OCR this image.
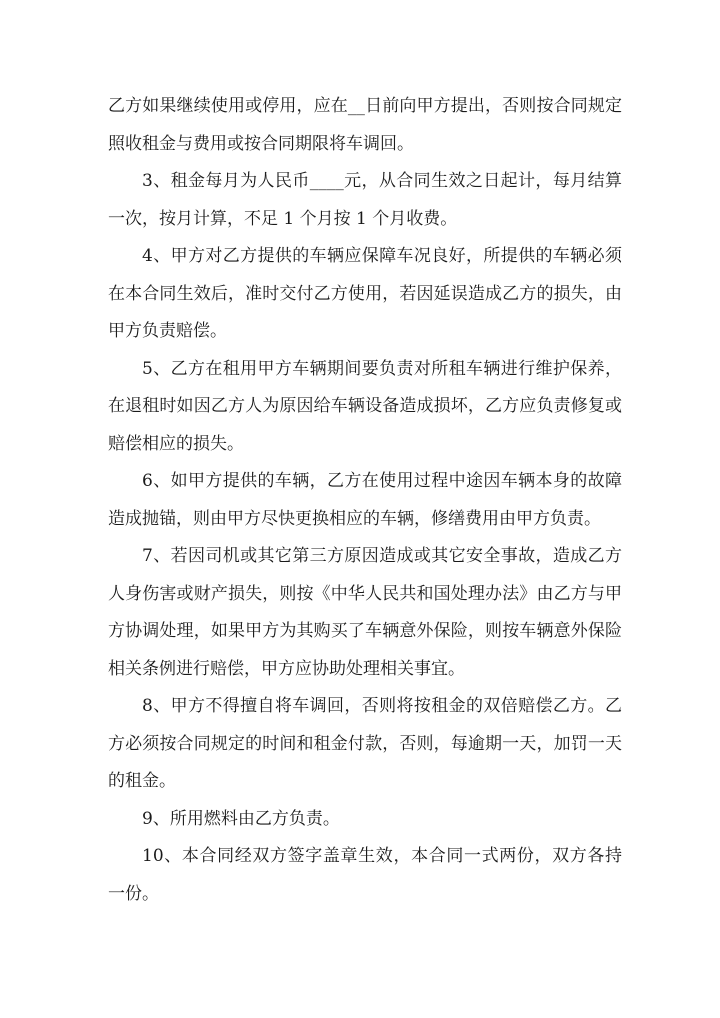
乙方如果继续使用或停用，应在__日前向甲方提出，否则按合同规定照收租金与费用或按合同期限将车调回。

3、租金每月为人民币____元，从合同生效之日起计，每月结算一次，按月计算，不足 1 个月按 1 个月收费。

4、甲方对乙方提供的车辆应保障车况良好，所提供的车辆必须在本合同生效后，准时交付乙方使用，若因延误造成乙方的损失，由甲方负责赔偿。

5、乙方在租用甲方车辆期间要负责对所租车辆进行维护保养，在退租时如因乙方人为原因给车辆设备造成损坏，乙方应负责修复或赔偿相应的损失。

6、如甲方提供的车辆，乙方在使用过程中途因车辆本身的故障造成抛锚，则由甲方尽快更换相应的车辆，修缮费用由甲方负责。

7、若因司机或其它第三方原因造成或其它安全事故，造成乙方人身伤害或财产损失，则按《中华人民共和国处理办法》由乙方与甲方协调处理，如果甲方为其购买了车辆意外保险，则按车辆意外保险相关条例进行赔偿，甲方应协助处理相关事宜。

8、甲方不得擅自将车调回，否则将按租金的双倍赔偿乙方。乙方必须按合同规定的时间和租金付款，否则，每逾期一天，加罚一天的租金。

9、所用燃料由乙方负责。

10、本合同经双方签字盖章生效，本合同一式两份，双方各持一份。
